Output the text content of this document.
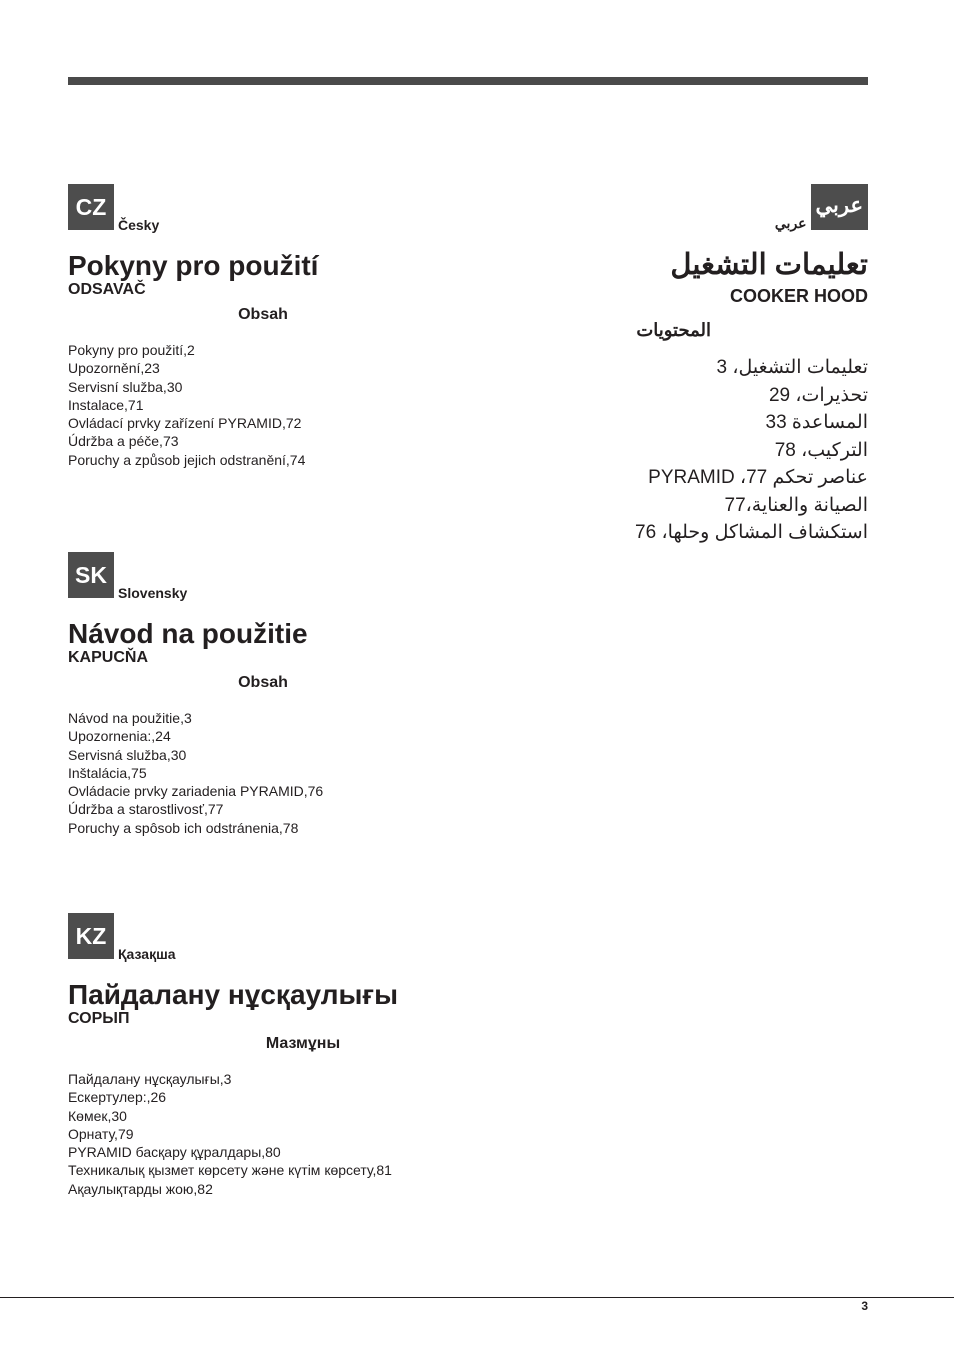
CZČesky
Pokyny pro použití
ODSAVAČ
Obsah
Pokyny pro použití,2
Upozornění,23
Servisní služba,30
Instalace,71
Ovládací prvky zařízení PYRAMID,72
Údržba a péče,73
Poruchy a způsob jejich odstranění,74
SKSlovensky
Návod na použitie
KAPUCŇA
Obsah
Návod na použitie,3
Upozornenia:,24
Servisná služba,30
Inštalácia,75
Ovládacie prvky zariadenia PYRAMID,76
Údržba a starostlivosť,77
Poruchy a spôsob ich odstránenia,78
KZҚазақша
Пайдалану нұсқаулығы
СОРЫП
Мазмұны
Пайдалану нұсқаулығы,3
Ескертулер:,26
Көмек,30
Орнату,79
PYRAMID басқару құралдары,80
Техникалық қызмет көрсету және күтім көрсету,81
Ақаулықтарды жою,82
عربيعربي
تعليمات التشغيل
COOKER HOOD
المحتويات
تعليمات التشغيل، 3
تحذيرات، 29
المساعدة 33
التركيب، 78
عناصر تحكم PYRAMID ،77
الصيانة والعناية،77
استكشاف المشاكل وحلها، 76
3
